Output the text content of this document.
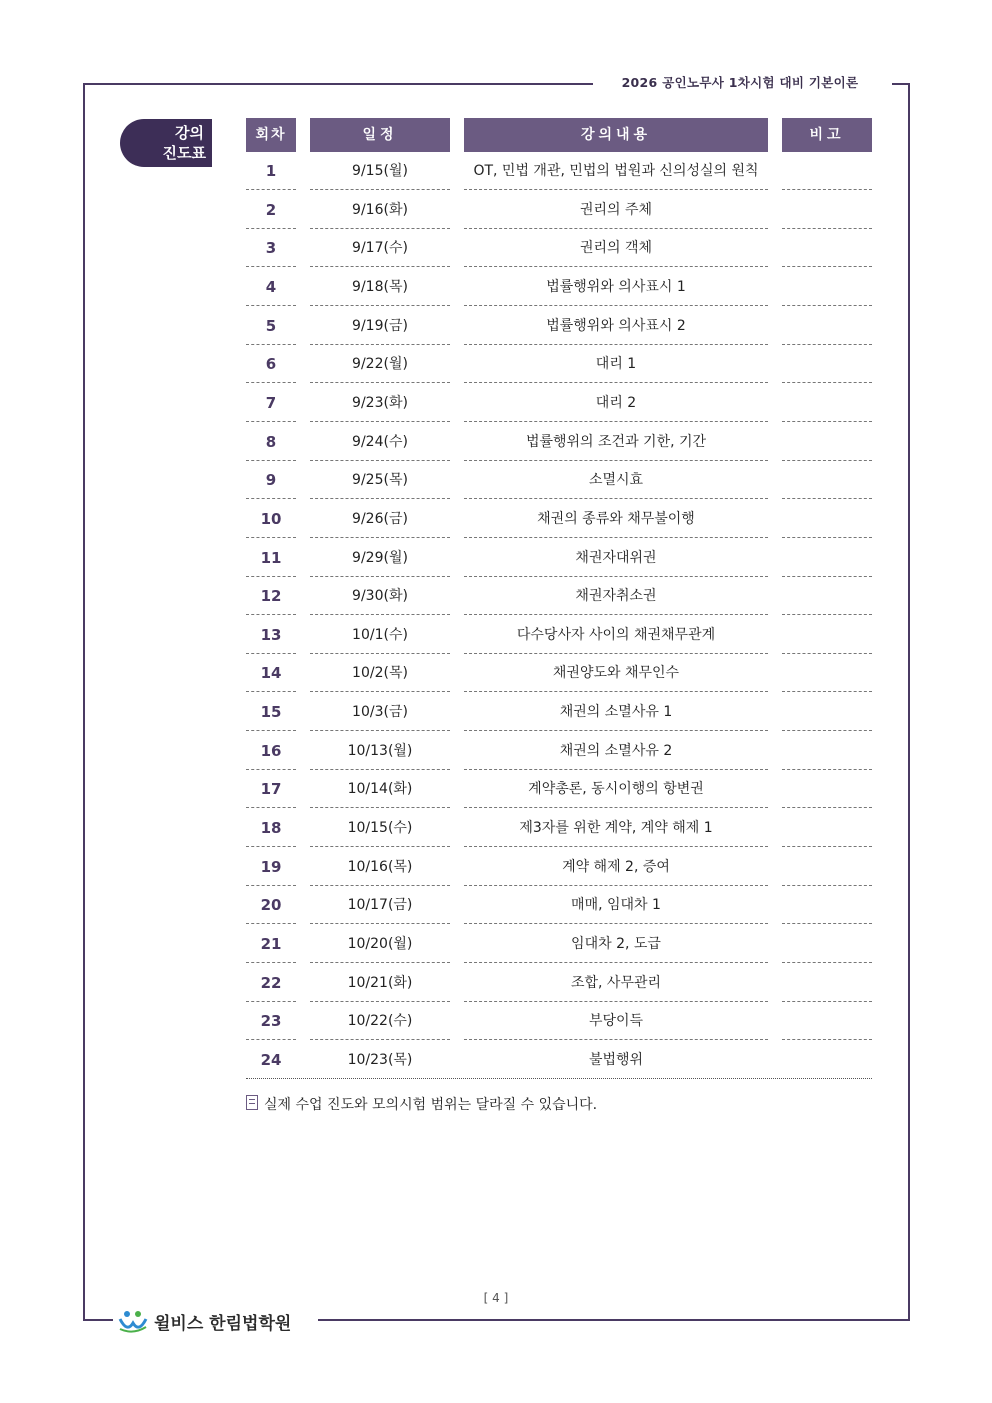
2026 공인노무사 1차시험 대비 기본이론
강의
진도표
회차	일정	강의내용	비고
1	9/15(월)	OT, 민법 개관, 민법의 법원과 신의성실의 원칙
2	9/16(화)	권리의 주체
3	9/17(수)	권리의 객체
4	9/18(목)	법률행위와 의사표시 1
5	9/19(금)	법률행위와 의사표시 2
6	9/22(월)	대리 1
7	9/23(화)	대리 2
8	9/24(수)	법률행위의 조건과 기한, 기간
9	9/25(목)	소멸시효
10	9/26(금)	채권의 종류와 채무불이행
11	9/29(월)	채권자대위권
12	9/30(화)	채권자취소권
13	10/1(수)	다수당사자 사이의 채권채무관계
14	10/2(목)	채권양도와 채무인수
15	10/3(금)	채권의 소멸사유 1
16	10/13(월)	채권의 소멸사유 2
17	10/14(화)	계약총론, 동시이행의 항변권
18	10/15(수)	제3자를 위한 계약, 계약 해제 1
19	10/16(목)	계약 해제 2, 증여
20	10/17(금)	매매, 임대차 1
21	10/20(월)	임대차 2, 도급
22	10/21(화)	조합, 사무관리
23	10/22(수)	부당이득
24	10/23(목)	불법행위
실제 수업 진도와 모의시험 범위는 달라질 수 있습니다.
[ 4 ]
윌비스 한림법학원
